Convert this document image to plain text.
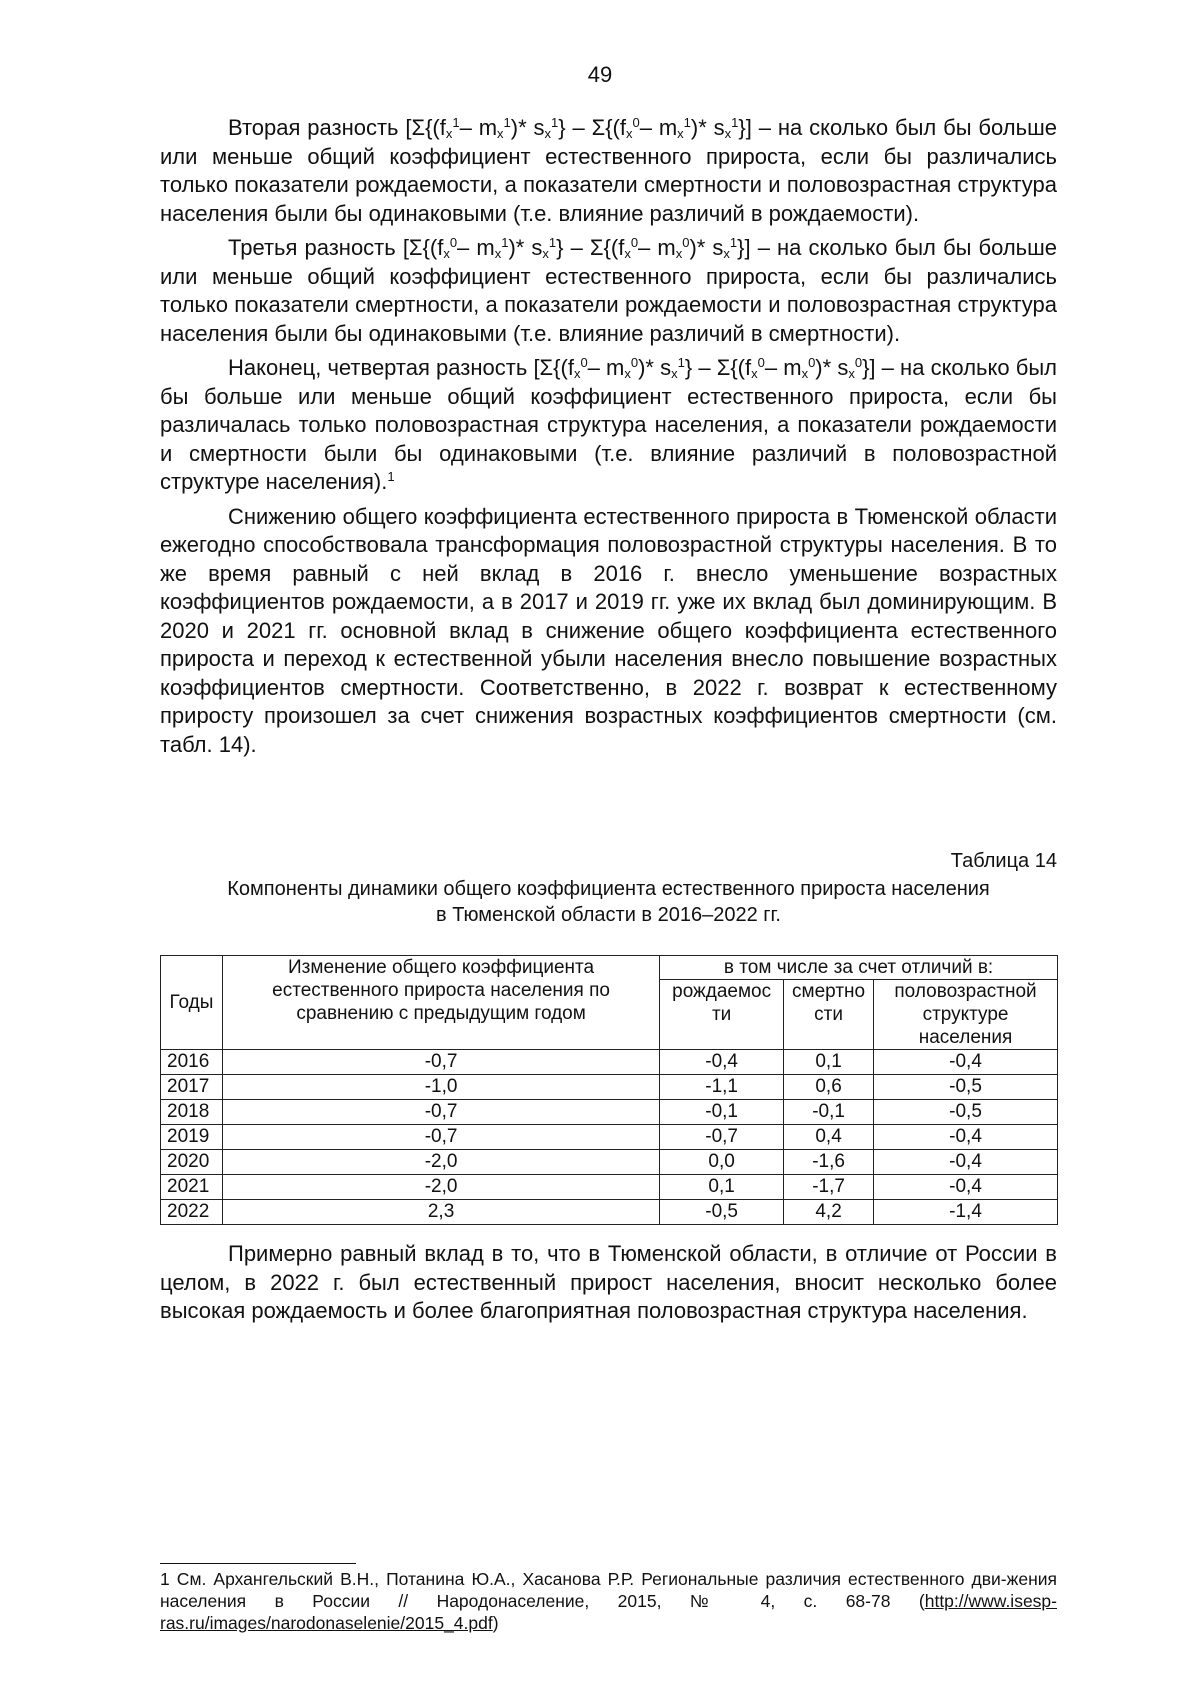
49

Вторая разность [$\Sigma\{(f_x^1-$ $m_x^1)*$ $s_x^1\} - \Sigma\{(f_x^0-$ $m_x^1)*$ $s_x^1$}] – на сколько был бы больше или меньше общий коэффициент естественного прироста, если бы различались только показатели рождаемости, а показатели смертности и половозрастная структура населения были бы одинаковыми (т.е. влияние различий в рождаемости).

Третья разность [$\Sigma\{(f_x^0-$ $m_x^1)*$ $s_x^1\} - \Sigma\{(f_x^0-$ $m_x^0)*$ $s_x^1$}] – на сколько был бы больше или меньше общий коэффициент естественного прироста, если бы различались только показатели смертности, а показатели рождаемости и половозрастная структура населения были бы одинаковыми (т.е. влияние различий в смертности).

Наконец, четвертая разность [$\Sigma\{(f_x^0-$ $m_x^0)*$ $s_x^1\} - \Sigma\{(f_x^0-$ $m_x^0)*$ $s_x^0$}] – на сколько был бы больше или меньше общий коэффициент естественного прироста, если бы различалась только половозрастная структура населения, а показатели рождаемости и смертности были бы одинаковыми (т.е. влияние различий в половозрастной структуре населения).$^1$

Снижению общего коэффициента естественного прироста в Тюменской области ежегодно способствовала трансформация половозрастной структуры населения. В то же время равный с ней вклад в 2016 г. внесло уменьшение возрастных коэффициентов рождаемости, а в 2017 и 2019 гг. уже их вклад был доминирующим. В 2020 и 2021 гг. основной вклад в снижение общего коэффициента естественного прироста и переход к естественной убыли населения внесло повышение возрастных коэффициентов смертности. Соответственно, в 2022 г. возврат к естественному приросту произошел за счет снижения возрастных коэффициентов смертности (см. табл. 14).

Таблица 14
Компоненты динамики общего коэффициента естественного прироста населения
в Тюменской области в 2016–2022 гг.
Годы	Изменение общего коэффициента естественного прироста населения по сравнению с предыдущим годом	в том числе за счет отличий в:		
		рождаемос ти	смертно сти	половозрастной структуре населения
2016	-0,7	-0,4	0,1	-0,4
2017	-1,0	-1,1	0,6	-0,5
2018	-0,7	-0,1	-0,1	-0,5
2019	-0,7	-0,7	0,4	-0,4
2020	-2,0	0,0	-1,6	-0,4
2021	-2,0	0,1	-1,7	-0,4
2022	2,3	-0,5	4,2	-1,4

Примерно равный вклад в то, что в Тюменской области, в отличие от России в целом, в 2022 г. был естественный прирост населения, вносит несколько более высокая рождаемость и более благоприятная половозрастная структура населения.

1 См. Архангельский В.Н., Потанина Ю.А., Хасанова Р.Р. Региональные различия естественного дви-жения населения в России // Народонаселение, 2015, № 4, с. 68-78 (http://www.isesp-ras.ru/images/narodonaselenie/2015_4.pdf)
